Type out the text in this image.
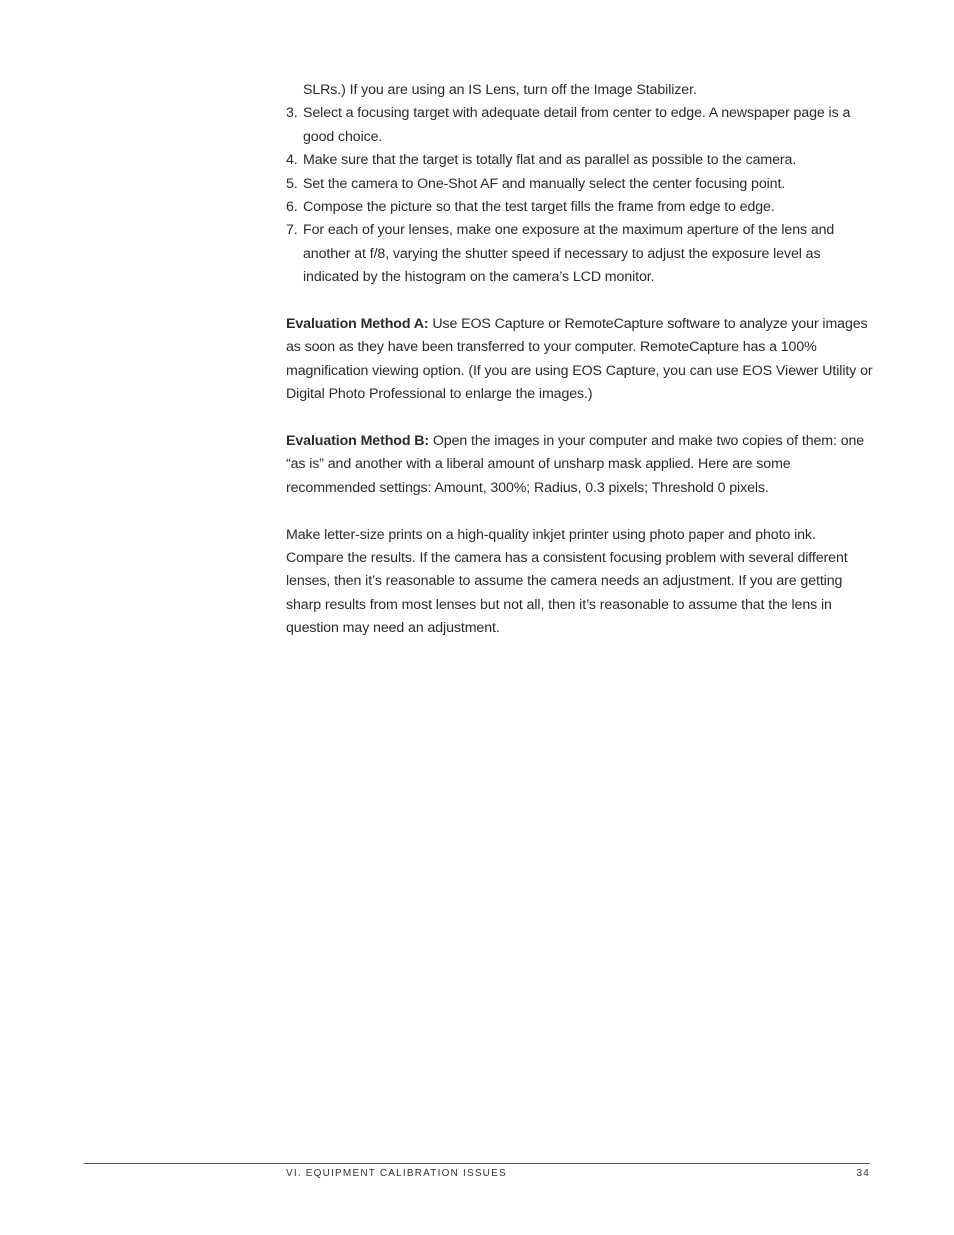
SLRs.) If you are using an IS Lens, turn off the Image Stabilizer.

3. Select a focusing target with adequate detail from center to edge. A newspaper page is a good choice.
4. Make sure that the target is totally flat and as parallel as possible to the camera.
5. Set the camera to One-Shot AF and manually select the center focusing point.
6. Compose the picture so that the test target fills the frame from edge to edge.
7. For each of your lenses, make one exposure at the maximum aperture of the lens and another at f/8, varying the shutter speed if necessary to adjust the exposure level as indicated by the histogram on the camera’s LCD monitor.

Evaluation Method A: Use EOS Capture or RemoteCapture software to analyze your images as soon as they have been transferred to your computer. RemoteCapture has a 100% magnification viewing option. (If you are using EOS Capture, you can use EOS Viewer Utility or Digital Photo Professional to enlarge the images.)

Evaluation Method B: Open the images in your computer and make two copies of them: one “as is” and another with a liberal amount of unsharp mask applied. Here are some recommended settings: Amount, 300%; Radius, 0.3 pixels; Threshold 0 pixels.

Make letter-size prints on a high-quality inkjet printer using photo paper and photo ink. Compare the results. If the camera has a consistent focusing problem with several different lenses, then it’s reasonable to assume the camera needs an adjustment. If you are getting sharp results from most lenses but not all, then it’s reasonable to assume that the lens in question may need an adjustment.

VI. EQUIPMENT CALIBRATION ISSUES	34
